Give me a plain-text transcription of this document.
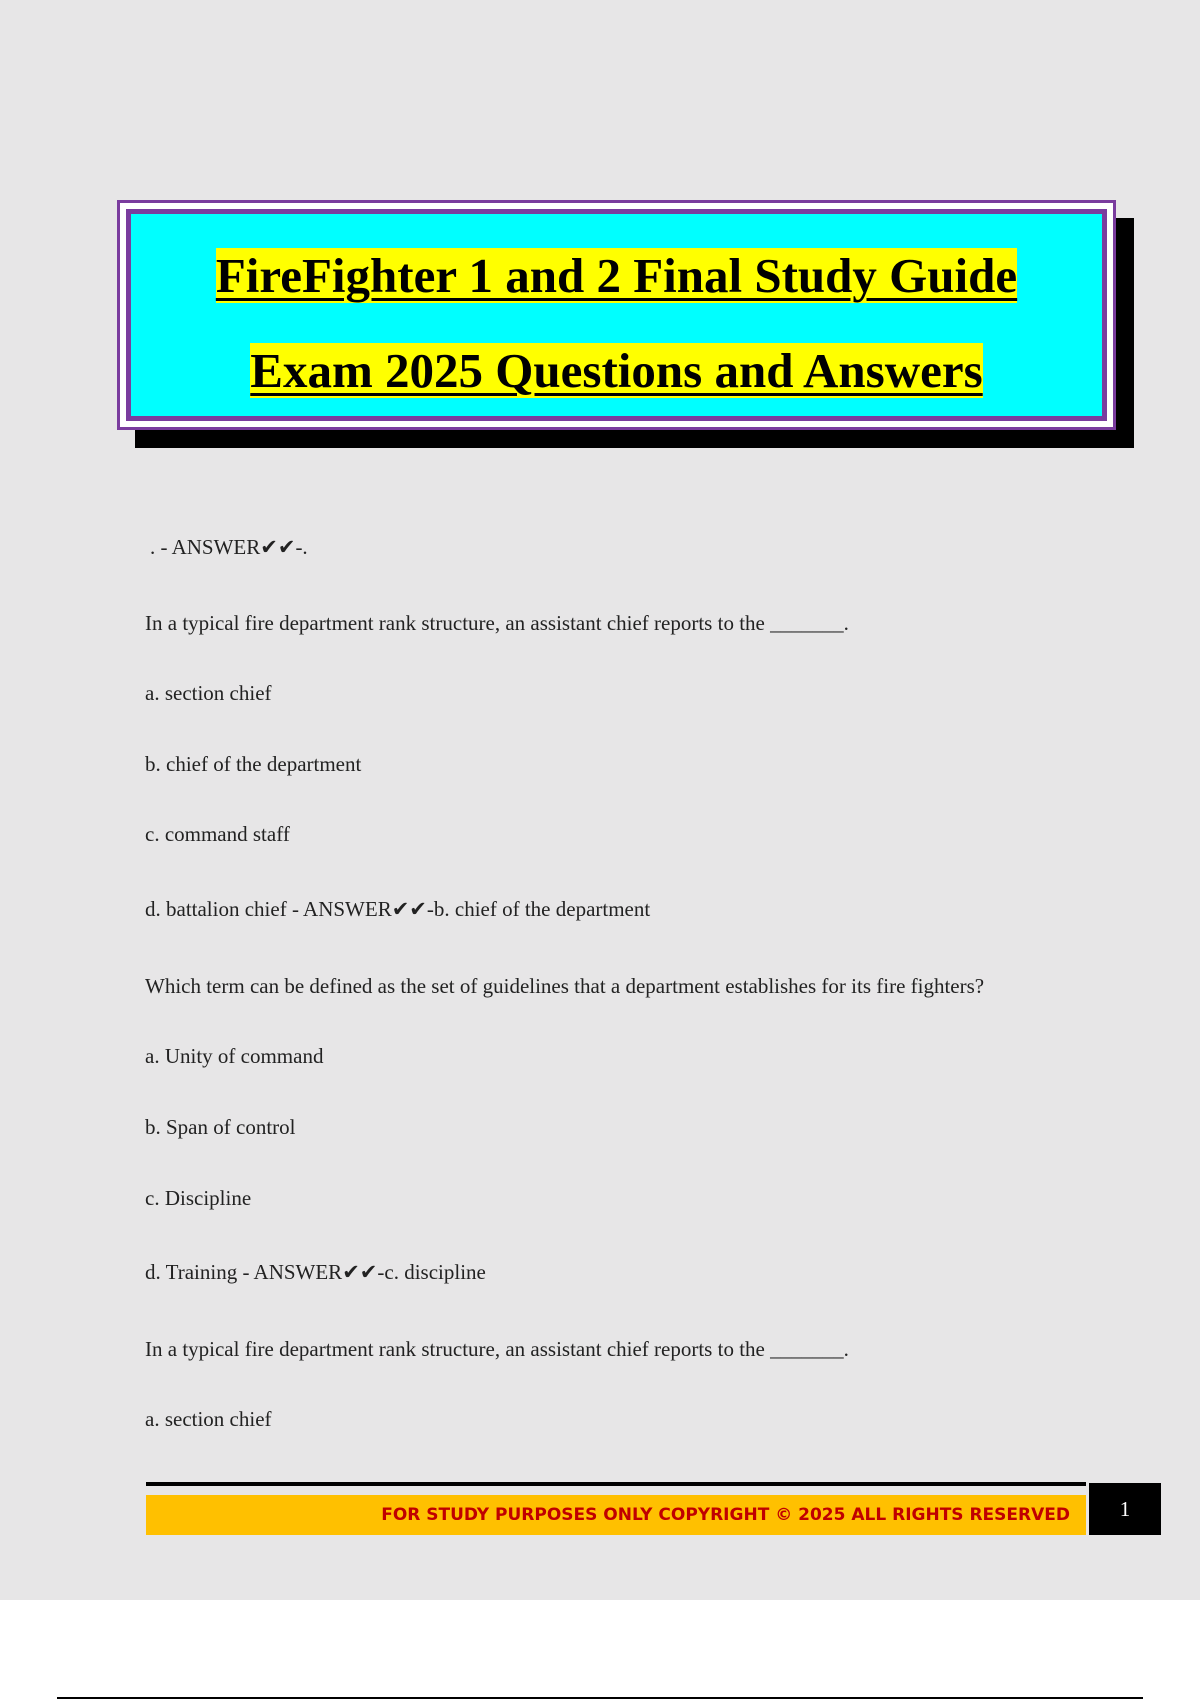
FireFighter 1 and 2 Final Study Guide
Exam 2025 Questions and Answers
. - ANSWER✔✔-.
In a typical fire department rank structure, an assistant chief reports to the _______.
a. section chief
b. chief of the department
c. command staff
d. battalion chief - ANSWER✔✔-b. chief of the department
Which term can be defined as the set of guidelines that a department establishes for its fire fighters?
a. Unity of command
b. Span of control
c. Discipline
d. Training - ANSWER✔✔-c. discipline
In a typical fire department rank structure, an assistant chief reports to the _______.
a. section chief
FOR STUDY PURPOSES ONLY COPYRIGHT © 2025 ALL RIGHTS RESERVED	1
